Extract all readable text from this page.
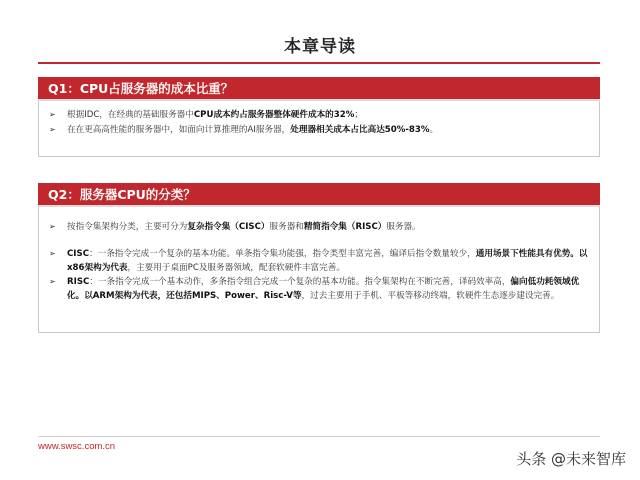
本章导读
Q1：CPU占服务器的成本比重？
➢	根据IDC，在经典的基础服务器中CPU成本约占服务器整体硬件成本的32%；
➢	在在更高高性能的服务器中，如面向计算推理的AI服务器，处理器相关成本占比高达50%-83%。
Q2：服务器CPU的分类？
➢	按指令集架构分类，主要可分为复杂指令集（CISC）服务器和精简指令集（RISC）服务器。
➢	CISC：一条指令完成一个复杂的基本功能。单条指令集功能强，指令类型丰富完善，编译后指令数量较少，通用场景下性能具有优势。以x86架构为代表，主要用于桌面PC及服务器领域，配套软硬件丰富完善。
➢	RISC：一条指令完成一个基本动作，多条指令组合完成一个复杂的基本功能。指令集架构在不断完善，译码效率高，偏向低功耗领域优化。以ARM架构为代表，还包括MIPS、Power、Risc-V等，过去主要用于手机、平板等移动终端，软硬件生态逐步建设完善。
www.swsc.com.cn
头条 @未来智库
